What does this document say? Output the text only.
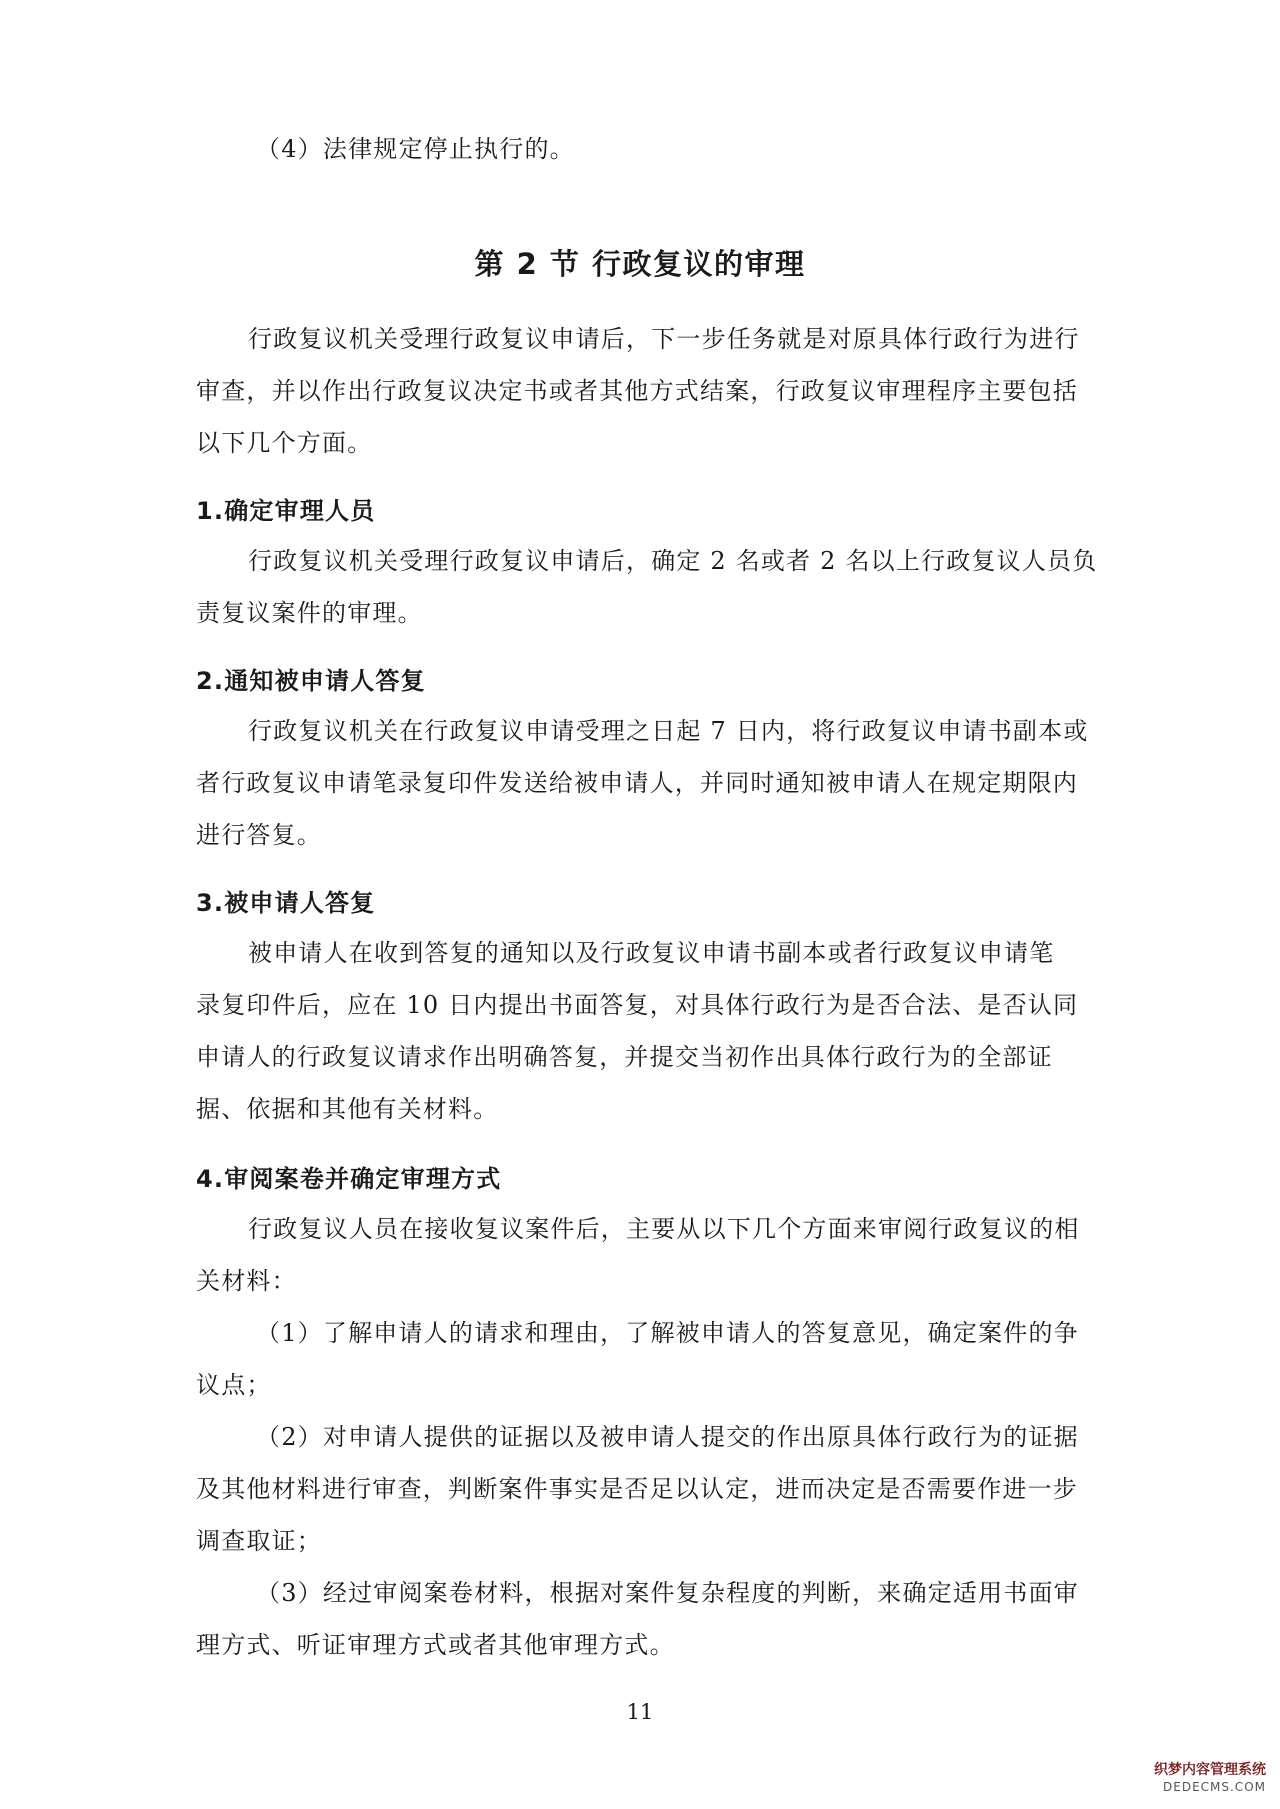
（4）法律规定停止执行的。
第 2 节 行政复议的审理
行政复议机关受理行政复议申请后，下一步任务就是对原具体行政行为进行
审查，并以作出行政复议决定书或者其他方式结案，行政复议审理程序主要包括
以下几个方面。
1.确定审理人员
行政复议机关受理行政复议申请后，确定 2 名或者 2 名以上行政复议人员负
责复议案件的审理。
2.通知被申请人答复
行政复议机关在行政复议申请受理之日起 7 日内，将行政复议申请书副本或
者行政复议申请笔录复印件发送给被申请人，并同时通知被申请人在规定期限内
进行答复。
3.被申请人答复
被申请人在收到答复的通知以及行政复议申请书副本或者行政复议申请笔
录复印件后，应在 10 日内提出书面答复，对具体行政行为是否合法、是否认同
申请人的行政复议请求作出明确答复，并提交当初作出具体行政行为的全部证
据、依据和其他有关材料。
4.审阅案卷并确定审理方式
行政复议人员在接收复议案件后，主要从以下几个方面来审阅行政复议的相
关材料：
（1）了解申请人的请求和理由，了解被申请人的答复意见，确定案件的争
议点；
（2）对申请人提供的证据以及被申请人提交的作出原具体行政行为的证据
及其他材料进行审查，判断案件事实是否足以认定，进而决定是否需要作进一步
调查取证；
（3）经过审阅案卷材料，根据对案件复杂程度的判断，来确定适用书面审
理方式、听证审理方式或者其他审理方式。
11
织梦内容管理系统
DEDECMS.COM
